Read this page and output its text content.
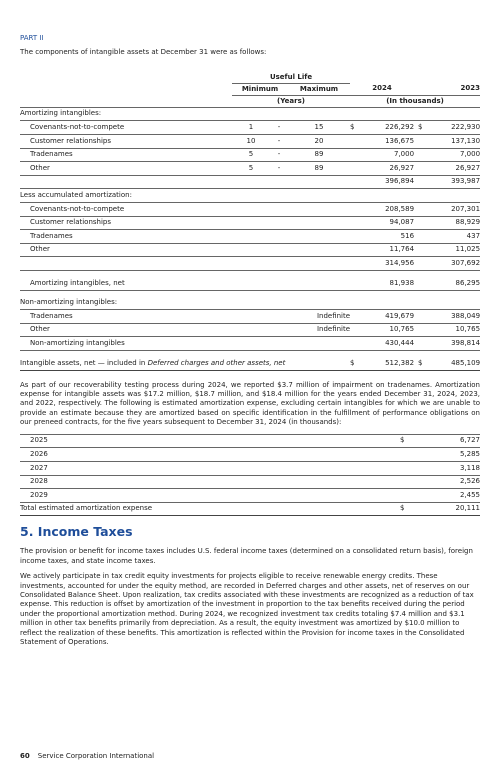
PART II
The components of intangible assets at December 31 were as follows:
	Useful Life						
	Minimum		Maximum	2024		2023	
	(Years)			(In thousands)			
Amortizing intangibles:							
Covenants-not-to-compete	1	-	15	$	226,292	$	222,930
Customer relationships	10	-	20		136,675		137,130
Tradenames	5	-	89		7,000		7,000
Other	5	-	89		26,927		26,927
					396,894		393,987
Less accumulated amortization:							
Covenants-not-to-compete					208,589		207,301
Customer relationships					94,087		88,929
Tradenames					516		437
Other					11,764		11,025
					314,956		307,692

Amortizing intangibles, net					81,938		86,295

Non-amortizing intangibles:							
Tradenames			Indefinite		419,679		388,049
Other			Indefinite		10,765		10,765
Non-amortizing intangibles					430,444		398,814

Intangible assets, net — included in Deferred charges and other assets, net				$	512,382	$	485,109
As part of our recoverability testing process during 2024, we reported $3.7 million of impairment on tradenames. Amortization expense for intangible assets was $17.2 million, $18.7 million, and $18.4 million for the years ended December 31, 2024, 2023, and 2022, respectively. The following is estimated amortization expense, excluding certain intangibles for which we are unable to provide an estimate because they are amortized based on specific identification in the fulfillment of performance obligations on our preneed contracts, for the five years subsequent to December 31, 2024 (in thousands):
2025	$	6,727
2026		5,285
2027		3,118
2028		2,526
2029		2,455
Total estimated amortization expense	$	20,111
5. Income Taxes
The provision or benefit for income taxes includes U.S. federal income taxes (determined on a consolidated return basis), foreign income taxes, and state income taxes.
We actively participate in tax credit equity investments for projects eligible to receive renewable energy credits. These investments, accounted for under the equity method, are recorded in Deferred charges and other assets, net of reserves on our Consolidated Balance Sheet. Upon realization, tax credits associated with these investments are recognized as a reduction of tax expense. This reduction is offset by amortization of the investment in proportion to the tax benefits received during the period under the proportional amortization method. During 2024, we recognized investment tax credits totaling $7.4 million and $3.1 million in other tax benefits primarily from depreciation. As a result, the equity investment was amortized by $10.0 million to reflect the realization of these benefits. This amortization is reflected within the Provision for income taxes in the Consolidated Statement of Operations.
60 Service Corporation International
